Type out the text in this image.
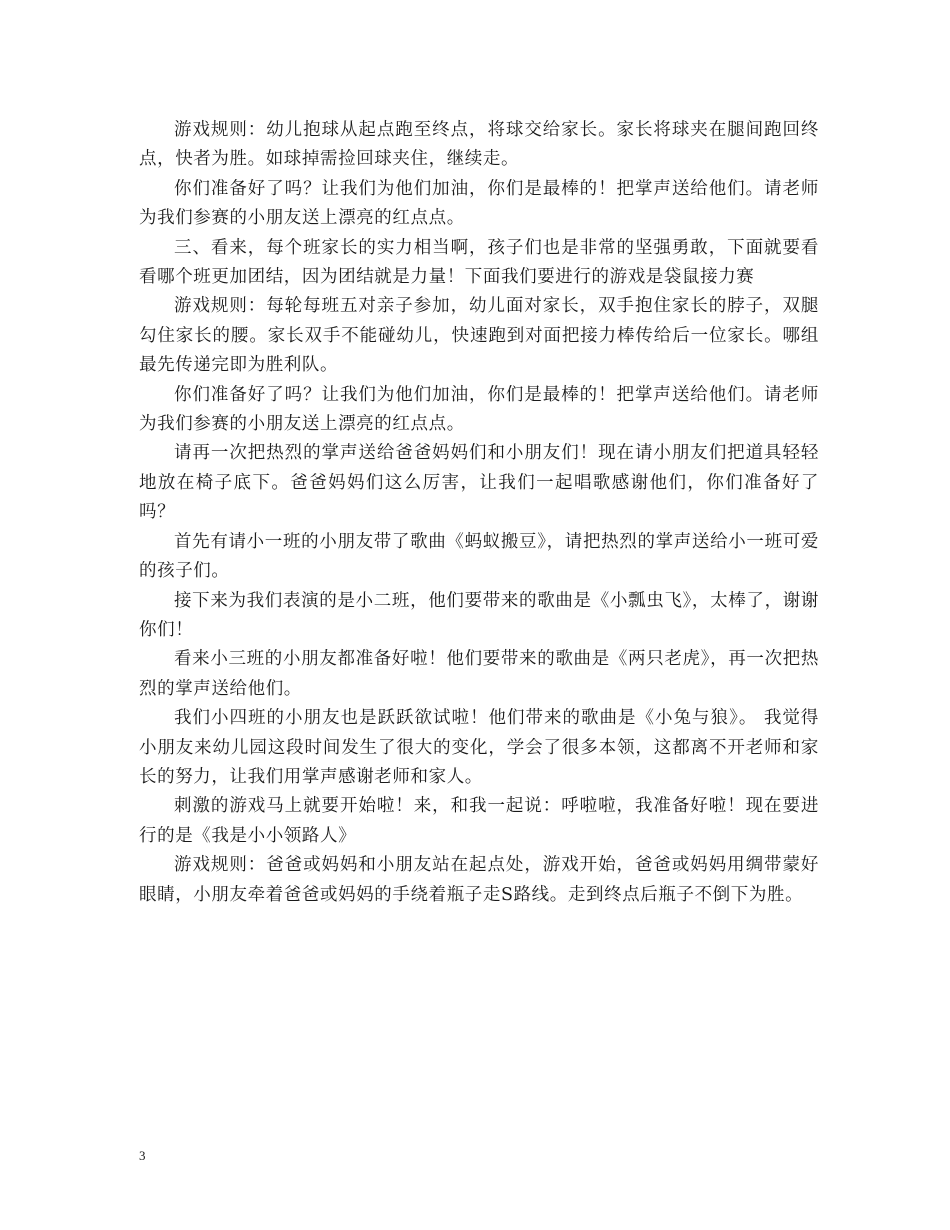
游戏规则：幼儿抱球从起点跑至终点，将球交给家长。家长将球夹在腿间跑回终点，快者为胜。如球掉需捡回球夹住，继续走。

你们准备好了吗？让我们为他们加油，你们是最棒的！把掌声送给他们。请老师为我们参赛的小朋友送上漂亮的红点点。

三、看来，每个班家长的实力相当啊，孩子们也是非常的坚强勇敢，下面就要看看哪个班更加团结，因为团结就是力量！下面我们要进行的游戏是袋鼠接力赛

游戏规则：每轮每班五对亲子参加，幼儿面对家长，双手抱住家长的脖子，双腿勾住家长的腰。家长双手不能碰幼儿，快速跑到对面把接力棒传给后一位家长。哪组最先传递完即为胜利队。

你们准备好了吗？让我们为他们加油，你们是最棒的！把掌声送给他们。请老师为我们参赛的小朋友送上漂亮的红点点。

请再一次把热烈的掌声送给爸爸妈妈们和小朋友们！现在请小朋友们把道具轻轻地放在椅子底下。爸爸妈妈们这么厉害，让我们一起唱歌感谢他们，你们准备好了吗？

首先有请小一班的小朋友带了歌曲《蚂蚁搬豆》，请把热烈的掌声送给小一班可爱的孩子们。

接下来为我们表演的是小二班，他们要带来的歌曲是《小瓢虫飞》，太棒了，谢谢你们！

看来小三班的小朋友都准备好啦！他们要带来的歌曲是《两只老虎》，再一次把热烈的掌声送给他们。

我们小四班的小朋友也是跃跃欲试啦！他们带来的歌曲是《小兔与狼》。 我觉得小朋友来幼儿园这段时间发生了很大的变化，学会了很多本领，这都离不开老师和家长的努力，让我们用掌声感谢老师和家人。

刺激的游戏马上就要开始啦！来，和我一起说：呼啦啦，我准备好啦！现在要进行的是《我是小小领路人》

游戏规则：爸爸或妈妈和小朋友站在起点处，游戏开始，爸爸或妈妈用绸带蒙好眼睛，小朋友牵着爸爸或妈妈的手绕着瓶子走S路线。走到终点后瓶子不倒下为胜。

3
